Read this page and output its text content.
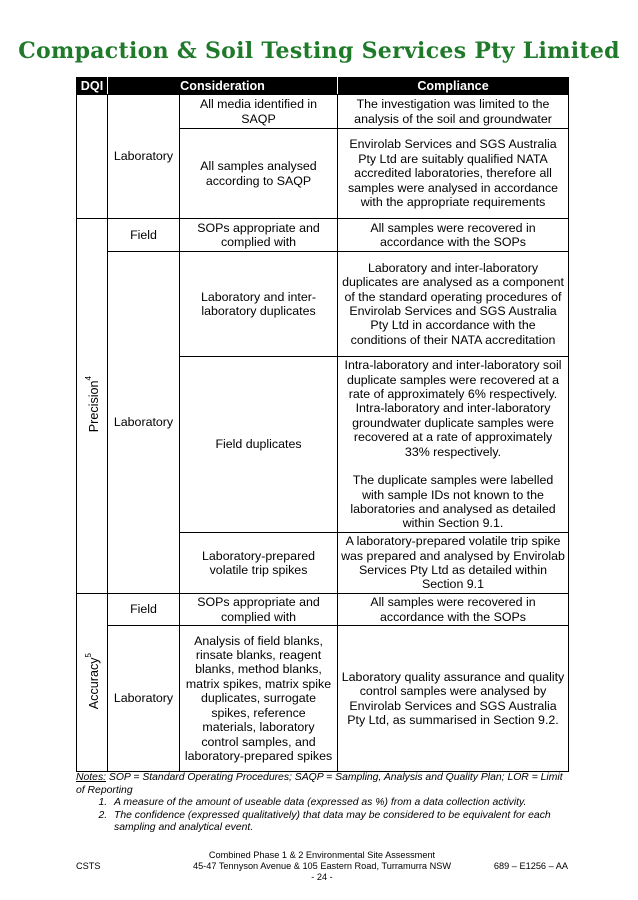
Compaction & Soil Testing Services Pty Limited
DQI	Consideration		Compliance
	Laboratory	All media identified in SAQP	The investigation was limited to the analysis of the soil and groundwater
		All samples analysed according to SAQP	Envirolab Services and SGS Australia Pty Ltd are suitably qualified NATA accredited laboratories, therefore all samples were analysed in accordance with the appropriate requirements
Precision$^4$	Field	SOPs appropriate and complied with	All samples were recovered in accordance with the SOPs
	Laboratory	Laboratory and inter-laboratory duplicates	Laboratory and inter-laboratory duplicates are analysed as a component of the standard operating procedures of Envirolab Services and SGS Australia Pty Ltd in accordance with the conditions of their NATA accreditation
		Field duplicates	Intra-laboratory and inter-laboratory soil duplicate samples were recovered at a rate of approximately 6% respectively. Intra-laboratory and inter-laboratory groundwater duplicate samples were recovered at a rate of approximately 33% respectively.
The duplicate samples were labelled with sample IDs not known to the laboratories and analysed as detailed within Section 9.1.

		Laboratory-prepared volatile trip spikes	A laboratory-prepared volatile trip spike was prepared and analysed by Envirolab Services Pty Ltd as detailed within Section 9.1
Accuracy$^5$	Field	SOPs appropriate and complied with	All samples were recovered in accordance with the SOPs
	Laboratory	Analysis of field blanks, rinsate blanks, reagent blanks, method blanks, matrix spikes, matrix spike duplicates, surrogate spikes, reference materials, laboratory control samples, and laboratory-prepared spikes	Laboratory quality assurance and quality control samples were analysed by Envirolab Services and SGS Australia Pty Ltd, as summarised in Section 9.2.
Notes: SOP = Standard Operating Procedures; SAQP = Sampling, Analysis and Quality Plan; LOR = Limit of Reporting
1. A measure of the amount of useable data (expressed as %) from a data collection activity.
2. The confidence (expressed qualitatively) that data may be considered to be equivalent for each sampling and analytical event.
CSTS
Combined Phase 1 & 2 Environmental Site Assessment
45-47 Tennyson Avenue & 105 Eastern Road, Turramurra NSW
- 24 -
689 – E1256 – AA
